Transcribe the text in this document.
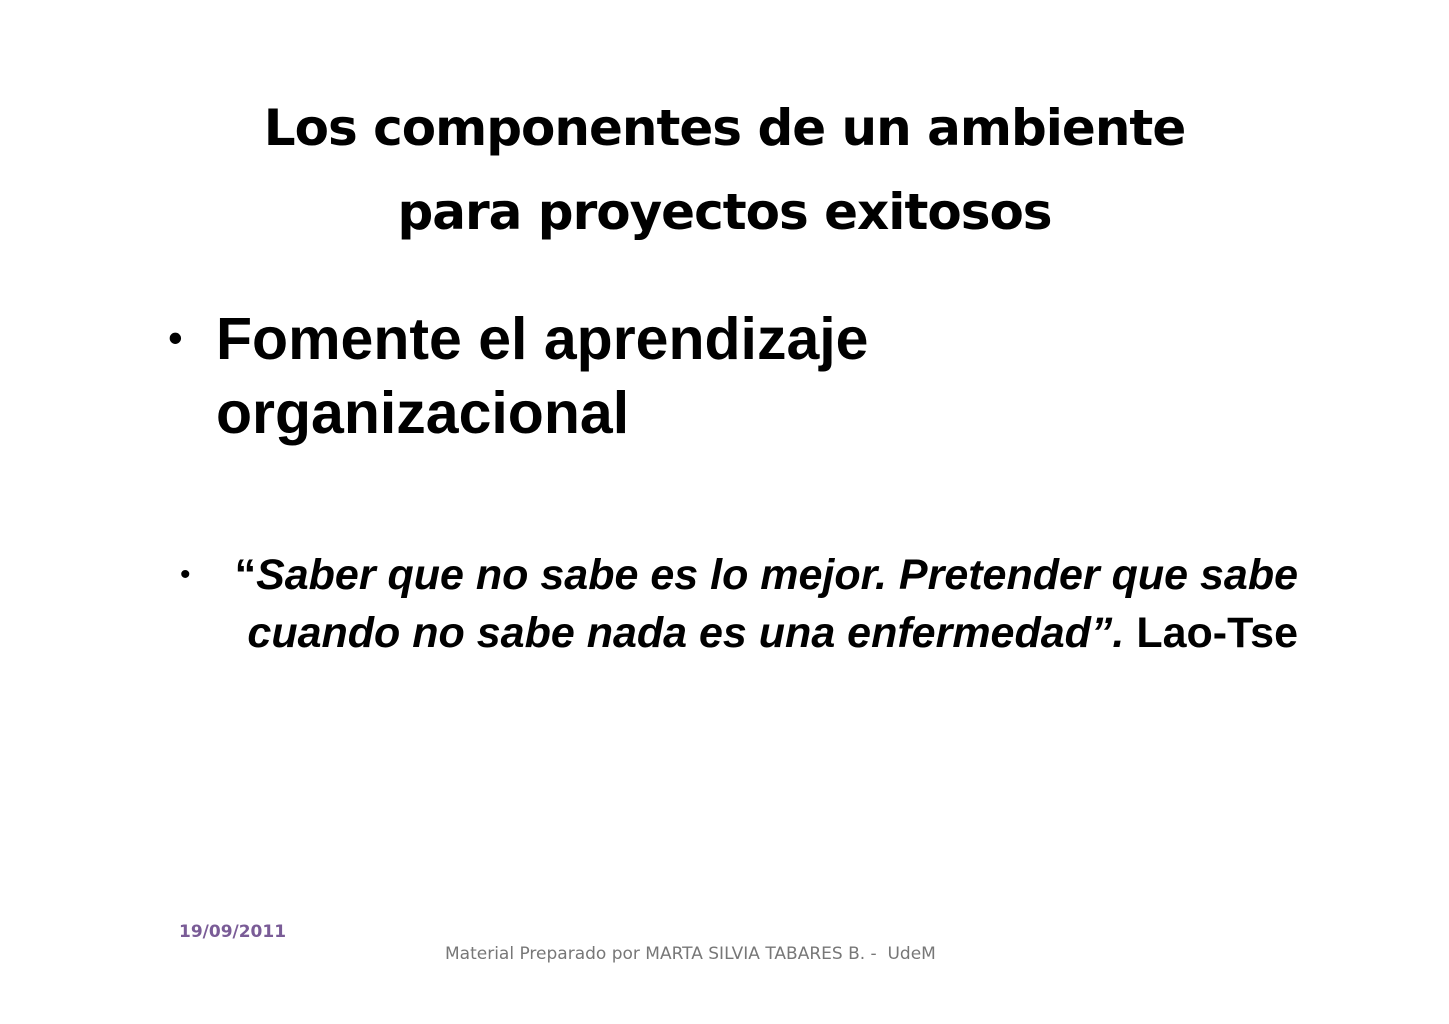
Los componentes de un ambiente
para proyectos exitosos
• Fomente el aprendizaje
organizacional
• “Saber que no sabe es lo mejor. Pretender que sabe cuando no sabe nada es una enfermedad”. Lao-Tse
19/09/2011
Material Preparado por MARTA SILVIA TABARES B. -  UdeM
